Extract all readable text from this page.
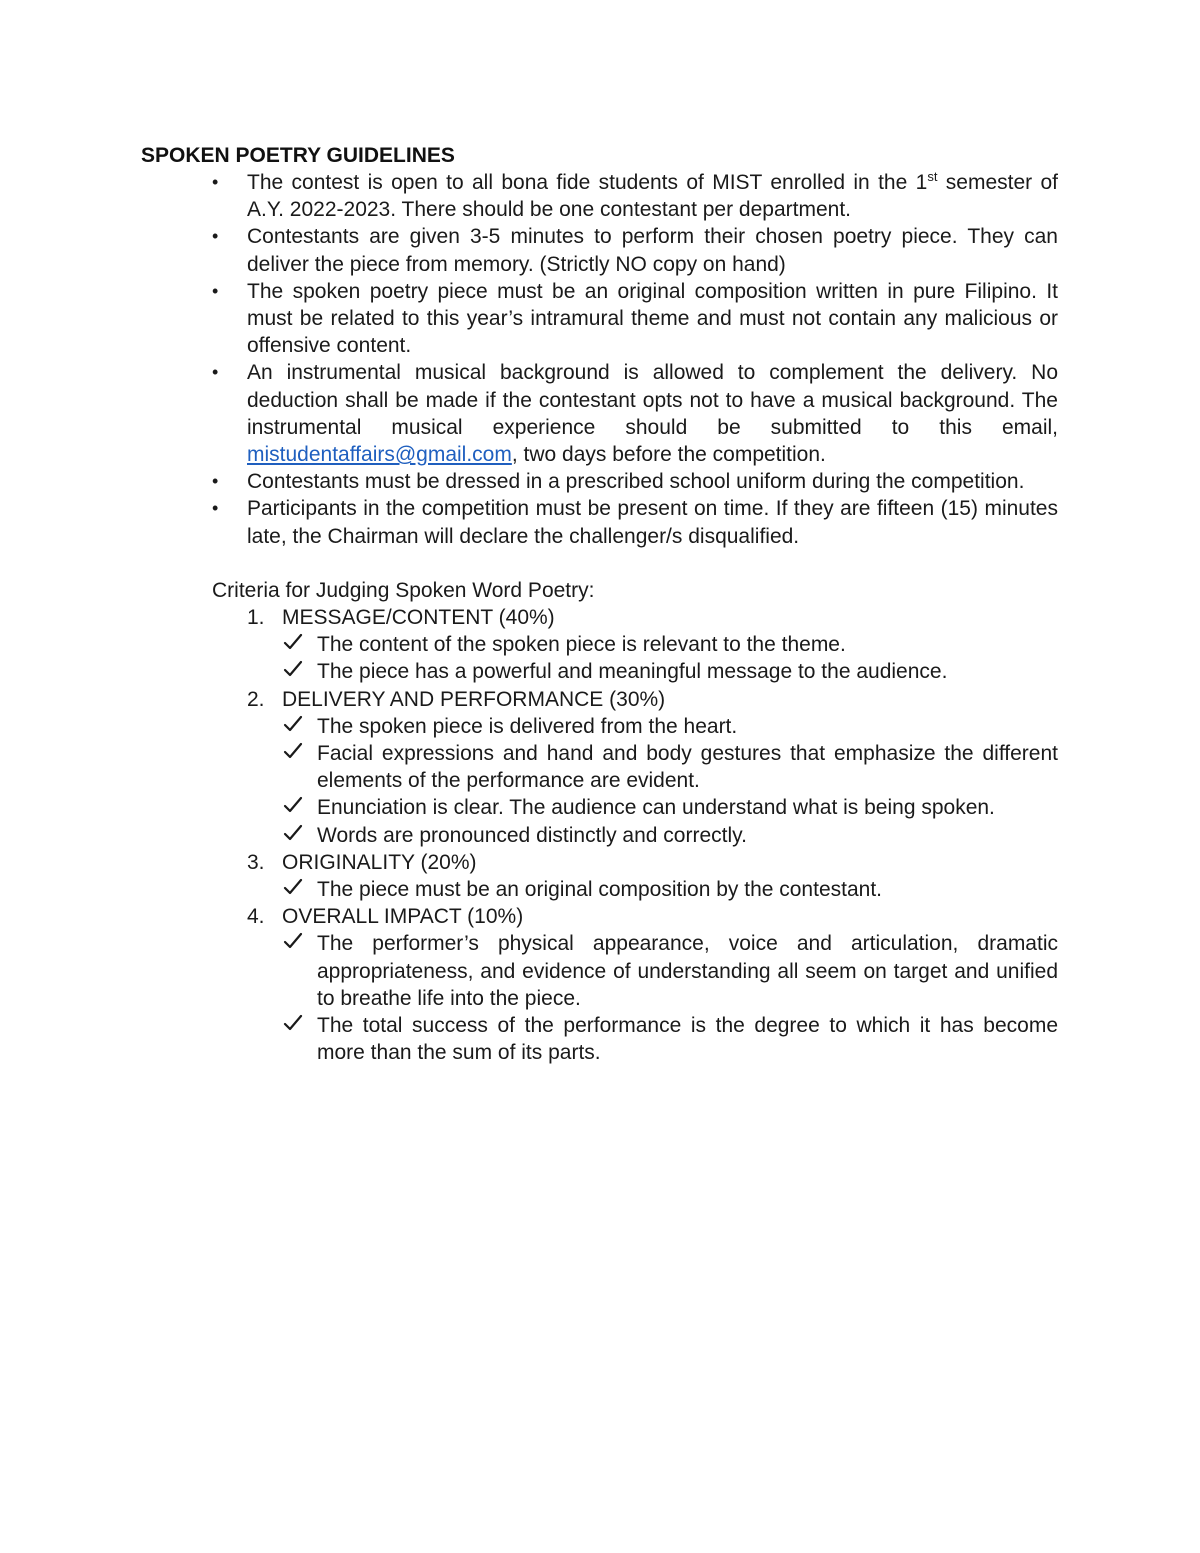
SPOKEN POETRY GUIDELINES
• The contest is open to all bona fide students of MIST enrolled in the 1st semester of A.Y. 2022-2023. There should be one contestant per department.
• Contestants are given 3-5 minutes to perform their chosen poetry piece. They can deliver the piece from memory. (Strictly NO copy on hand)
• The spoken poetry piece must be an original composition written in pure Filipino. It must be related to this year’s intramural theme and must not contain any malicious or offensive content.
• An instrumental musical background is allowed to complement the delivery. No deduction shall be made if the contestant opts not to have a musical background. The instrumental musical experience should be submitted to this email, mistudentaffairs@gmail.com, two days before the competition.
• Contestants must be dressed in a prescribed school uniform during the competition.
• Participants in the competition must be present on time. If they are fifteen (15) minutes late, the Chairman will declare the challenger/s disqualified.

Criteria for Judging Spoken Word Poetry:

1. MESSAGE/CONTENT (40%)
The content of the spoken piece is relevant to the theme.
The piece has a powerful and meaningful message to the audience.
2. DELIVERY AND PERFORMANCE (30%)
The spoken piece is delivered from the heart.
Facial expressions and hand and body gestures that emphasize the different elements of the performance are evident.
Enunciation is clear. The audience can understand what is being spoken.
Words are pronounced distinctly and correctly.
3. ORIGINALITY (20%)
The piece must be an original composition by the contestant.
4. OVERALL IMPACT (10%)
The performer’s physical appearance, voice and articulation, dramatic appropriateness, and evidence of understanding all seem on target and unified to breathe life into the piece.
The total success of the performance is the degree to which it has become more than the sum of its parts.
